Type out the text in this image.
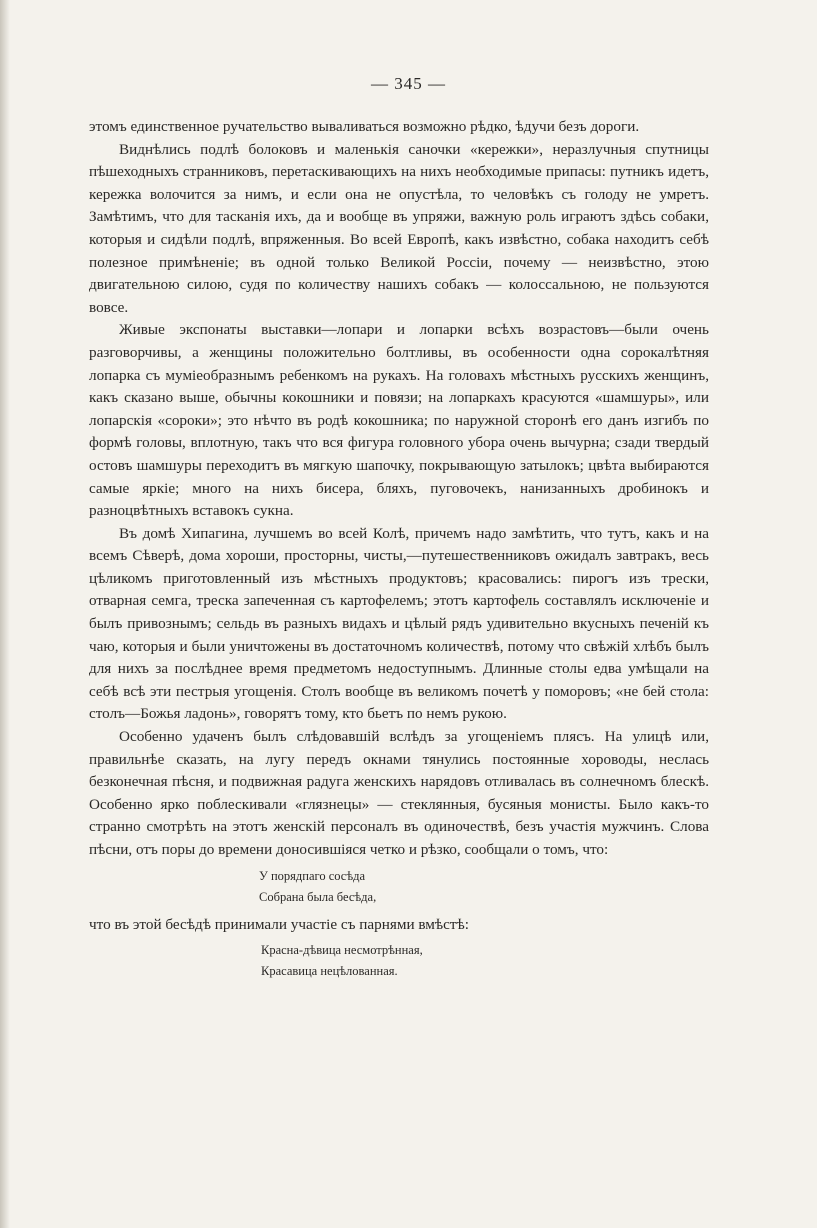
— 345 —

этомъ единственное ручательство вываливаться возможно рѣдко, ѣдучи безъ дороги.

Виднѣлись подлѣ болоковъ и маленькія саночки «кережки», неразлучныя спутницы пѣшеходныхъ странниковъ, перетаскивающихъ на нихъ необходимые припасы: путникъ идетъ, кережка волочится за нимъ, и если она не опустѣла, то человѣкъ съ голоду не умретъ. Замѣтимъ, что для тасканія ихъ, да и вообще въ упряжи, важную роль играютъ здѣсь собаки, которыя и сидѣли подлѣ, впряженныя. Во всей Европѣ, какъ извѣстно, собака находитъ себѣ полезное примѣненіе; въ одной только Великой Россіи, почему — неизвѣстно, этою двигательною силою, судя по количеству нашихъ собакъ — колоссальною, не пользуются вовсе.

Живые экспонаты выставки—лопари и лопарки всѣхъ возрастовъ—были очень разговорчивы, а женщины положительно болтливы, въ особенности одна сорокалѣтняя лопарка съ муміеобразнымъ ребенкомъ на рукахъ. На головахъ мѣстныхъ русскихъ женщинъ, какъ сказано выше, обычны кокошники и повязи; на лопаркахъ красуются «шамшуры», или лопарскія «сороки»; это нѣчто въ родѣ кокошника; по наружной сторонѣ его данъ изгибъ по формѣ головы, вплотную, такъ что вся фигура головного убора очень вычурна; сзади твердый остовъ шамшуры переходитъ въ мягкую шапочку, покрывающую затылокъ; цвѣта выбираются самые яркіе; много на нихъ бисера, бляхъ, пуговочекъ, нанизанныхъ дробинокъ и разноцвѣтныхъ вставокъ сукна.

Въ домѣ Хипагина, лучшемъ во всей Колѣ, причемъ надо замѣтить, что тутъ, какъ и на всемъ Сѣверѣ, дома хороши, просторны, чисты,—путешественниковъ ожидалъ завтракъ, весь цѣликомъ приготовленный изъ мѣстныхъ продуктовъ; красовались: пирогъ изъ трески, отварная семга, треска запеченная съ картофелемъ; этотъ картофель составлялъ исключеніе и былъ привознымъ; сельдь въ разныхъ видахъ и цѣлый рядъ удивительно вкусныхъ печеній къ чаю, которыя и были уничтожены въ достаточномъ количествѣ, потому что свѣжій хлѣбъ былъ для нихъ за послѣднее время предметомъ недоступнымъ. Длинные столы едва умѣщали на себѣ всѣ эти пестрыя угощенія. Столъ вообще въ великомъ почетѣ у поморовъ; «не бей стола: столъ—Божья ладонь», говорятъ тому, кто бьетъ по немъ рукою.

Особенно удаченъ былъ слѣдовавшій вслѣдъ за угощеніемъ плясъ. На улицѣ или, правильнѣе сказать, на лугу передъ окнами тянулись постоянные хороводы, неслась безконечная пѣсня, и подвижная радуга женскихъ нарядовъ отливалась въ солнечномъ блескѣ. Особенно ярко поблескивали «глязнецы» — стеклянныя, бусяныя монисты. Было какъ-то странно смотрѣть на этотъ женскій персоналъ въ одиночествѣ, безъ участія мужчинъ. Слова пѣсни, отъ поры до времени доносившіяся четко и рѣзко, сообщали о томъ, что:

У порядпаго сосѣда
Собрана была бесѣда,

что въ этой бесѣдѣ принимали участіе съ парнями вмѣстѣ:

Красна-дѣвица несмотрѣнная,
Красавица нецѣлованная.
